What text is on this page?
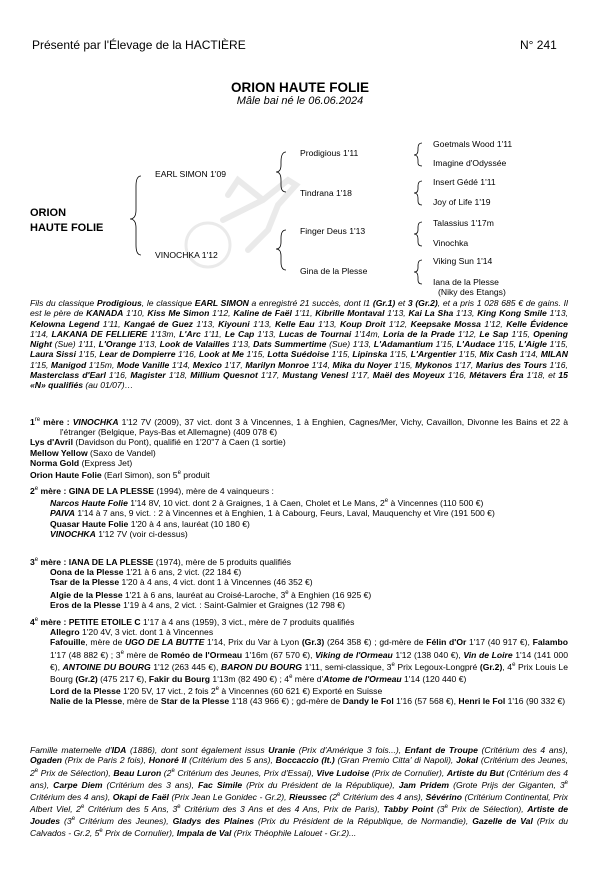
Présenté par l'Élevage de la HACTIÈRE	N° 241
ORION HAUTE FOLIE
Mâle bai né le 06.06.2024
ORION
HAUTE FOLIE
EARL SIMON 1'09
VINOCHKA 1'12
Prodigious 1'11
Tindrana 1'18
Finger Deus 1'13
Gina de la Plesse
Goetmals Wood 1'11
Imagine d'Odyssée
Insert Gédé 1'11
Joy of Life 1'19
Talassius 1'17m
Vinochka
Viking Sun 1'14
Iana de la Plesse
(Niky des Etangs)

Fils du classique Prodigious, le classique EARL SIMON a enregistré 21 succès, dont l1 (Gr.1) et 3 (Gr.2), et a pris 1 028 685 € de gains. Il est le père de KANADA 1'10, Kiss Me Simon 1'12, Kaline de Faël 1'11, Kibrille Montaval 1'13, Kai La Sha 1'13, King Kong Smile 1'13, Kelowna Legend 1'11, Kangaé de Guez 1'13, Kiyouni 1'13, Kelle Eau 1'13, Koup Droit 1'12, Keepsake Mossa 1'12, Kelle Évidence 1'14, LAKANA DE FELLIERE 1'13m, L'Arc 1'11, Le Cap 1'13, Lucas de Tournai 1'14m, Loria de la Prade 1'12, Le Sap 1'15, Opening Night (Sue) 1'11, L'Orange 1'13, Look de Valailles 1'13, Dats Summertime (Sue) 1'13, L'Adamantium 1'15, L'Audace 1'15, L'Aigle 1'15, Laura Sissi 1'15, Lear de Dompierre 1'16, Look at Me 1'15, Lotta Suédoise 1'15, Lipinska 1'15, L'Argentier 1'15, Mix Cash 1'14, MILAN 1'15, Manigod 1'15m, Mode Vanille 1'14, Mexico 1'17, Marilyn Monroe 1'14, Mika du Noyer 1'15, Mykonos 1'17, Marius des Tours 1'16, Masterclass d'Earl 1'16, Magister 1'18, Millium Quesnot 1'17, Mustang Venesl 1'17, Maël des Moyeux 1'16, Métavers Éra 1'18, et 15 «N» qualifiés (au 01/07)…

1re mère : VINOCHKA 1'12 7V (2009), 37 vict. dont 3 à Vincennes, 1 à Enghien, Cagnes/Mer, Vichy, Cavaillon, Divonne les Bains et 22 à l'étranger (Belgique, Pays-Bas et Allemagne) (409 078 €)

Lys d'Avril (Davidson du Pont), qualifié en 1'20''7 à Caen (1 sortie)

Mellow Yellow (Saxo de Vandel)

Norma Gold (Express Jet)

Orion Haute Folie (Earl Simon), son 5e produit

2e mère : GINA DE LA PLESSE (1994), mère de 4 vainqueurs :

Narcos Haute Folie 1'14 8V, 10 vict. dont 2 à Graignes, 1 à Caen, Cholet et Le Mans, 2e à Vincennes (110 500 €)

PAIVA 1'14 à 7 ans, 9 vict. : 2 à Vincennes et à Enghien, 1 à Cabourg, Feurs, Laval, Mauquenchy et Vire (191 500 €)

Quasar Haute Folie 1'20 à 4 ans, lauréat (10 180 €)

VINOCHKA 1'12 7V (voir ci-dessus)

3e mère : IANA DE LA PLESSE (1974), mère de 5 produits qualifiés

Oona de la Plesse 1'21 à 6 ans, 2 vict. (22 184 €)

Tsar de la Plesse 1'20 à 4 ans, 4 vict. dont 1 à Vincennes (46 352 €)

Algie de la Plesse 1'21 à 6 ans, lauréat au Croisé-Laroche, 3e à Enghien (16 925 €)

Eros de la Plesse 1'19 à 4 ans, 2 vict. : Saint-Galmier et Graignes (12 798 €)

4e mère : PETITE ETOILE C 1'17 à 4 ans (1959), 3 vict., mère de 7 produits qualifiés

Allegro 1'20 4V, 3 vict. dont 1 à Vincennes

Fafouille, mère de UGO DE LA BUTTE 1'14, Prix du Var à Lyon (Gr.3) (264 358 €) ; gd-mère de Félin d'Or 1'17 (40 917 €), Falambo 1'17 (48 882 €) ; 3e mère de Roméo de l'Ormeau 1'16m (67 570 €), Viking de l'Ormeau 1'12 (138 040 €), Vin de Loire 1'14 (141 000 €), ANTOINE DU BOURG 1'12 (263 445 €), BARON DU BOURG 1'11, semi-classique, 3e Prix Legoux-Longpré (Gr.2), 4e Prix Louis Le Bourg (Gr.2) (475 217 €), Fakir du Bourg 1'13m (82 490 €) ; 4e mère d'Atome de l'Ormeau 1'14 (120 440 €)

Lord de la Plesse 1'20 5V, 17 vict., 2 fois 2e à Vincennes (60 621 €) Exporté en Suisse

Nalie de la Plesse, mère de Star de la Plesse 1'18 (43 966 €) ; gd-mère de Dandy le Fol 1'16 (57 568 €), Henri le Fol 1'16 (90 332 €)

Famille maternelle d'IDA (1886), dont sont également issus Uranie (Prix d'Amérique 3 fois...), Enfant de Troupe (Critérium des 4 ans), Ogaden (Prix de Paris 2 fois), Honoré II (Critérium des 5 ans), Boccaccio (It.) (Gran Premio Citta' di Napoli), Jokal (Critérium des Jeunes, 2e Prix de Sélection), Beau Luron (2e Critérium des Jeunes, Prix d'Essai), Vive Ludoise (Prix de Cornulier), Artiste du But (Critérium des 4 ans), Carpe Diem (Critérium des 3 ans), Fac Simile (Prix du Président de la République), Jam Pridem (Grote Prijs der Giganten, 3e Critérium des 4 ans), Okapi de Faël (Prix Jean Le Gonidec - Gr.2), Rieussec (2e Critérium des 4 ans), Sévérino (Critérium Continental, Prix Albert Viel, 2e Critérium des 5 Ans, 3e Critérium des 3 Ans et des 4 Ans, Prix de Paris), Tabby Point (3e Prix de Sélection), Artiste de Joudes (3e Critérium des Jeunes), Gladys des Plaines (Prix du Président de la République, de Normandie), Gazelle de Val (Prix du Calvados - Gr.2, 5e Prix de Cornulier), Impala de Val (Prix Théophile Lalouet - Gr.2)...
